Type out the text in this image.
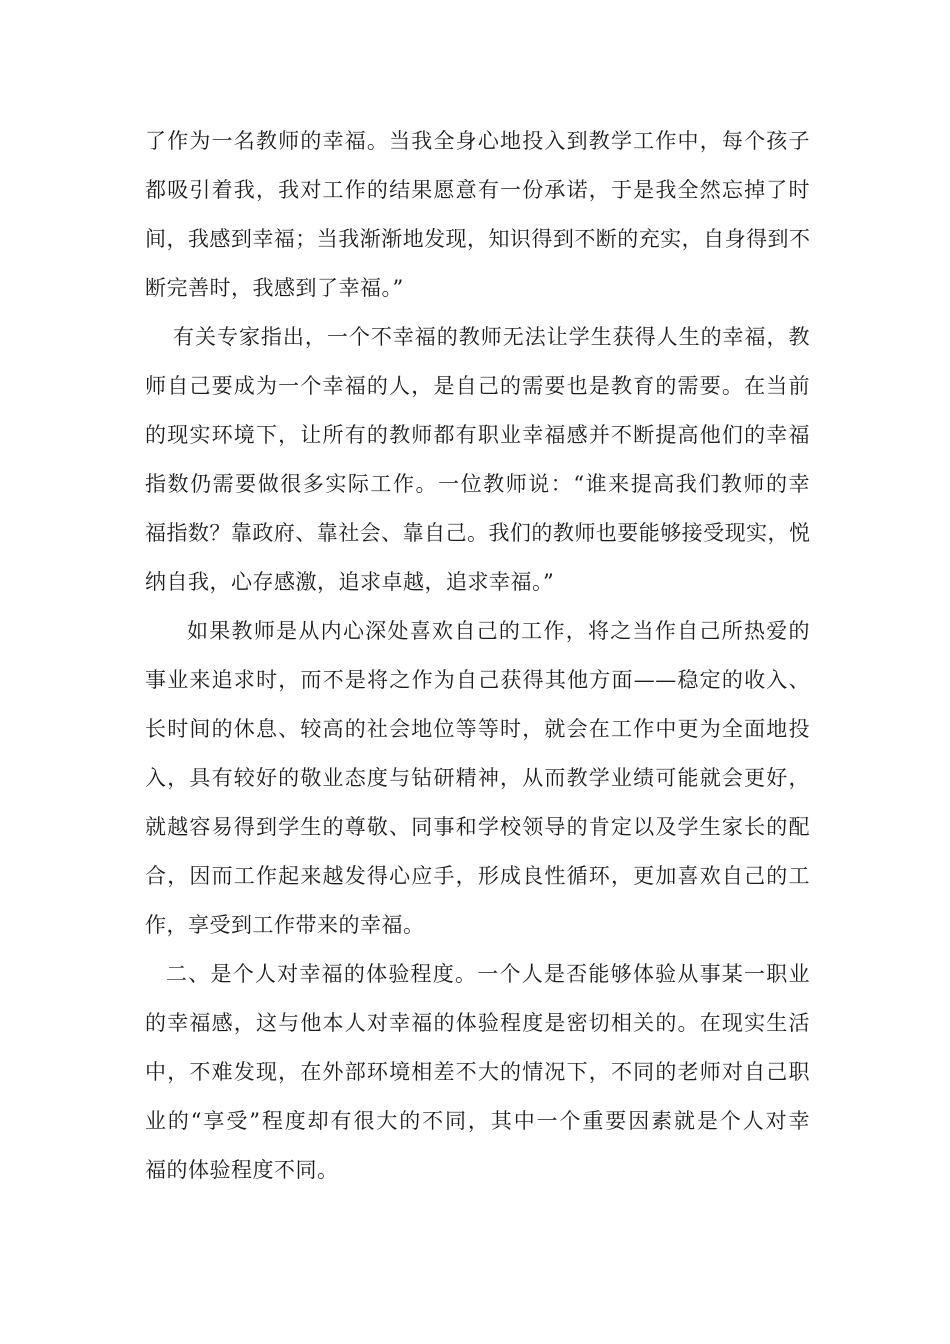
了作为一名教师的幸福。当我全身心地投入到教学工作中，每个孩子
都吸引着我，我对工作的结果愿意有一份承诺，于是我全然忘掉了时
间，我感到幸福；当我渐渐地发现，知识得到不断的充实，自身得到不
断完善时，我感到了幸福。”
有关专家指出，一个不幸福的教师无法让学生获得人生的幸福，教
师自己要成为一个幸福的人，是自己的需要也是教育的需要。在当前
的现实环境下，让所有的教师都有职业幸福感并不断提高他们的幸福
指数仍需要做很多实际工作。一位教师说：“谁来提高我们教师的幸
福指数？靠政府、靠社会、靠自己。我们的教师也要能够接受现实，悦
纳自我，心存感激，追求卓越，追求幸福。”
如果教师是从内心深处喜欢自己的工作，将之当作自己所热爱的
事业来追求时，而不是将之作为自己获得其他方面——稳定的收入、
长时间的休息、较高的社会地位等等时，就会在工作中更为全面地投
入，具有较好的敬业态度与钻研精神，从而教学业绩可能就会更好，
就越容易得到学生的尊敬、同事和学校领导的肯定以及学生家长的配
合，因而工作起来越发得心应手，形成良性循环，更加喜欢自己的工
作，享受到工作带来的幸福。
二、是个人对幸福的体验程度。一个人是否能够体验从事某一职业
的幸福感，这与他本人对幸福的体验程度是密切相关的。在现实生活
中，不难发现，在外部环境相差不大的情况下，不同的老师对自己职
业的“享受”程度却有很大的不同，其中一个重要因素就是个人对幸
福的体验程度不同。
